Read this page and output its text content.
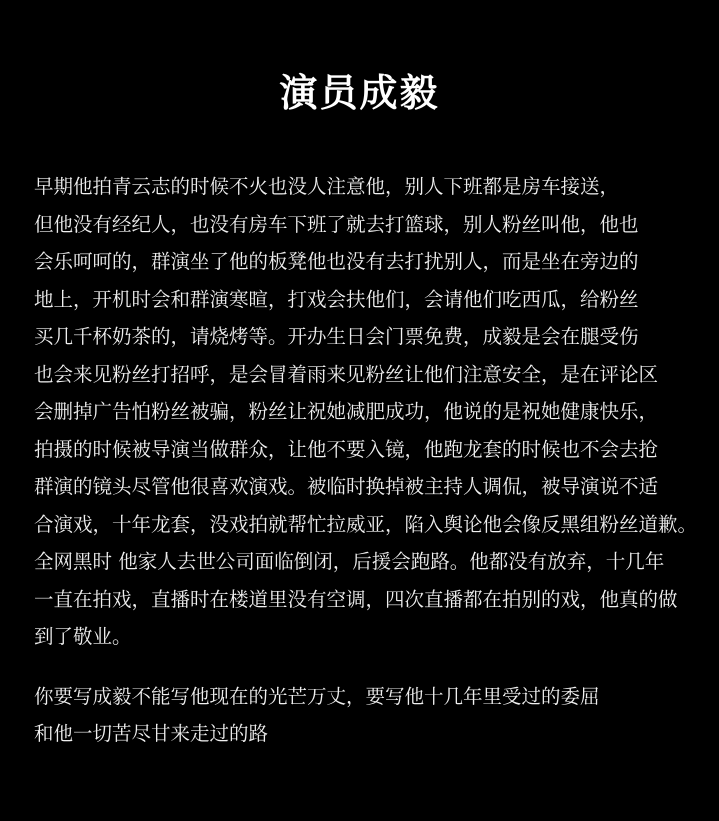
演员成毅
早期他拍青云志的时候不火也没人注意他，别人下班都是房车接送，
但他没有经纪人，也没有房车下班了就去打篮球，别人粉丝叫他，他也
会乐呵呵的，群演坐了他的板凳他也没有去打扰别人，而是坐在旁边的
地上，开机时会和群演寒暄，打戏会扶他们，会请他们吃西瓜，给粉丝
买几千杯奶茶的，请烧烤等。开办生日会门票免费，成毅是会在腿受伤
也会来见粉丝打招呼，是会冒着雨来见粉丝让他们注意安全，是在评论区
会删掉广告怕粉丝被骗，粉丝让祝她减肥成功，他说的是祝她健康快乐，
拍摄的时候被导演当做群众，让他不要入镜，他跑龙套的时候也不会去抢
群演的镜头尽管他很喜欢演戏。被临时换掉被主持人调侃，被导演说不适
合演戏，十年龙套，没戏拍就帮忙拉威亚，陷入舆论他会像反黑组粉丝道歉。
全网黑时 他家人去世公司面临倒闭，后援会跑路。他都没有放弃，十几年
一直在拍戏，直播时在楼道里没有空调，四次直播都在拍别的戏，他真的做
到了敬业。
你要写成毅不能写他现在的光芒万丈，要写他十几年里受过的委屈
和他一切苦尽甘来走过的路
